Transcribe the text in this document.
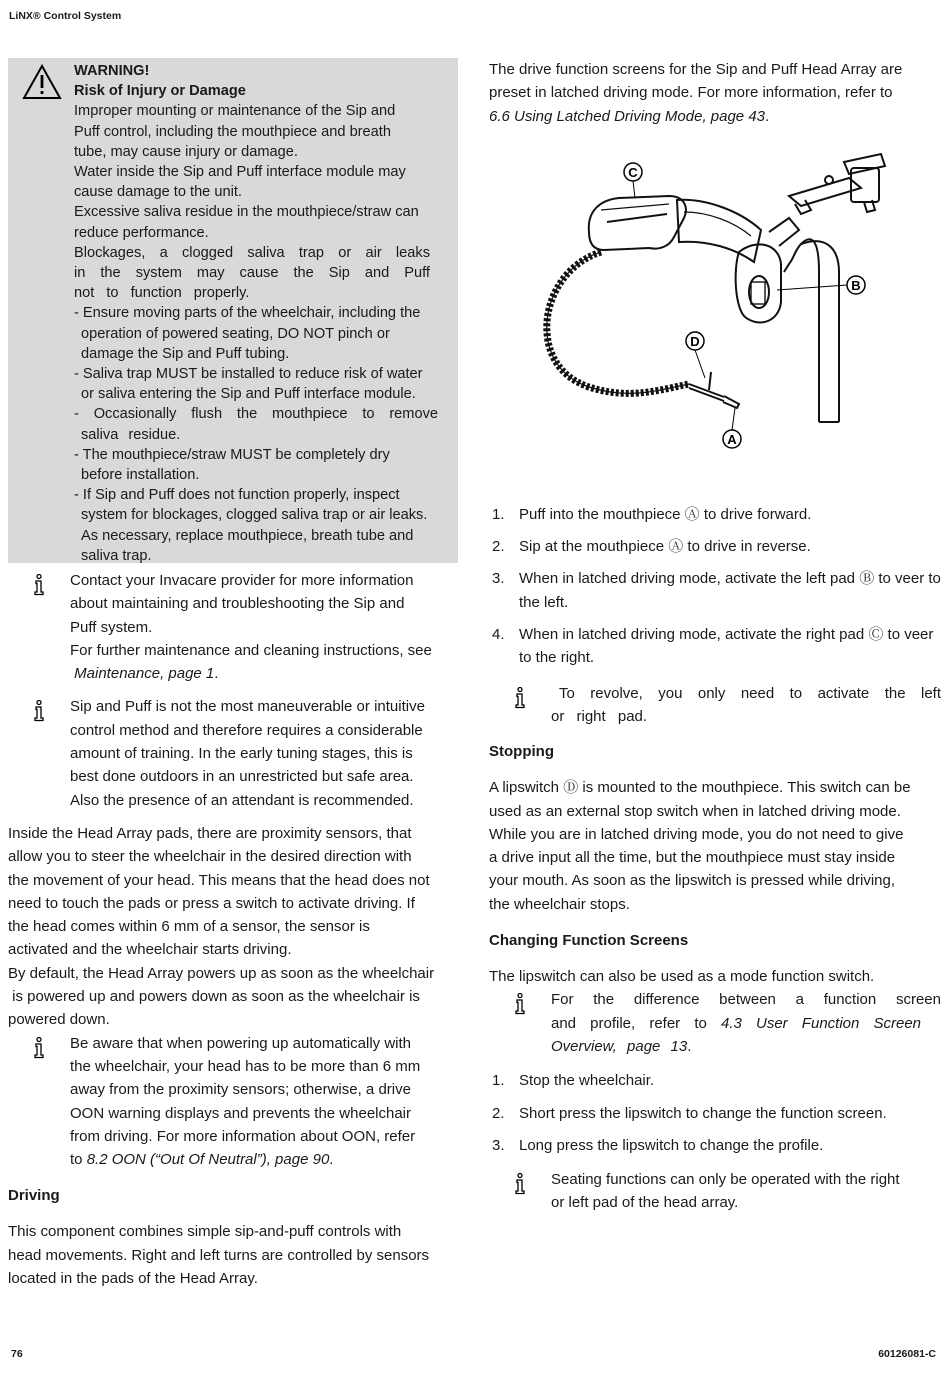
LiNX® Control System
WARNING!
Risk of Injury or Damage
Improper mounting or maintenance of the Sip and
Puff control, including the mouthpiece and breath
tube, may cause injury or damage.
Water inside the Sip and Puff interface module may
cause damage to the unit.
Excessive saliva residue in the mouthpiece/straw can
reduce performance.
Blockages, a clogged saliva trap or air leaks
in the system may cause the Sip and Puff
not to function properly.
- Ensure moving parts of the wheelchair, including the
operation of powered seating, DO NOT pinch or
damage the Sip and Puff tubing.
- Saliva trap MUST be installed to reduce risk of water
or saliva entering the Sip and Puff interface module.
- Occasionally flush the mouthpiece to remove
saliva residue.
- The mouthpiece/straw MUST be completely dry
before installation.
- If Sip and Puff does not function properly, inspect
system for blockages, clogged saliva trap or air leaks.
As necessary, replace mouthpiece, breath tube and
saliva trap.
Contact your Invacare provider for more information
about maintaining and troubleshooting the Sip and
Puff system.
For further maintenance and cleaning instructions, see
Maintenance, page 1.
Sip and Puff is not the most maneuverable or intuitive
control method and therefore requires a considerable
amount of training. In the early tuning stages, this is
best done outdoors in an unrestricted but safe area.
Also the presence of an attendant is recommended.
Inside the Head Array pads, there are proximity sensors, that
allow you to steer the wheelchair in the desired direction with
the movement of your head. This means that the head does not
need to touch the pads or press a switch to activate driving. If
the head comes within 6 mm of a sensor, the sensor is
activated and the wheelchair starts driving.
By default, the Head Array powers up as soon as the wheelchair
is powered up and powers down as soon as the wheelchair is
powered down.
Be aware that when powering up automatically with
the wheelchair, your head has to be more than 6 mm
away from the proximity sensors; otherwise, a drive
OON warning displays and prevents the wheelchair
from driving. For more information about OON, refer
to 8.2 OON (“Out Of Neutral”), page 90.
Driving
This component combines simple sip-and-puff controls with
head movements. Right and left turns are controlled by sensors
located in the pads of the Head Array.
The drive function screens for the Sip and Puff Head Array are
preset in latched driving mode. For more information, refer to
6.6 Using Latched Driving Mode, page 43.
C
B
D
A
1. Puff into the mouthpiece Ⓐ to drive forward.
2. Sip at the mouthpiece Ⓐ to drive in reverse.
3. When in latched driving mode, activate the left pad Ⓑ to veer to the left.
4. When in latched driving mode, activate the right pad Ⓒ to veer to the right.
To revolve, you only need to activate the left
or right pad.
Stopping
A lipswitch Ⓓ is mounted to the mouthpiece. This switch can be
used as an external stop switch when in latched driving mode.
While you are in latched driving mode, you do not need to give
a drive input all the time, but the mouthpiece must stay inside
your mouth. As soon as the lipswitch is pressed while driving,
the wheelchair stops.
Changing Function Screens
The lipswitch can also be used as a mode function switch.
For the difference between a function screen
and profile, refer to 4.3 User Function Screen
Overview, page 13.
1. Stop the wheelchair.
2. Short press the lipswitch to change the function screen.
3. Long press the lipswitch to change the profile.
Seating functions can only be operated with the right
or left pad of the head array.
76	60126081-C
